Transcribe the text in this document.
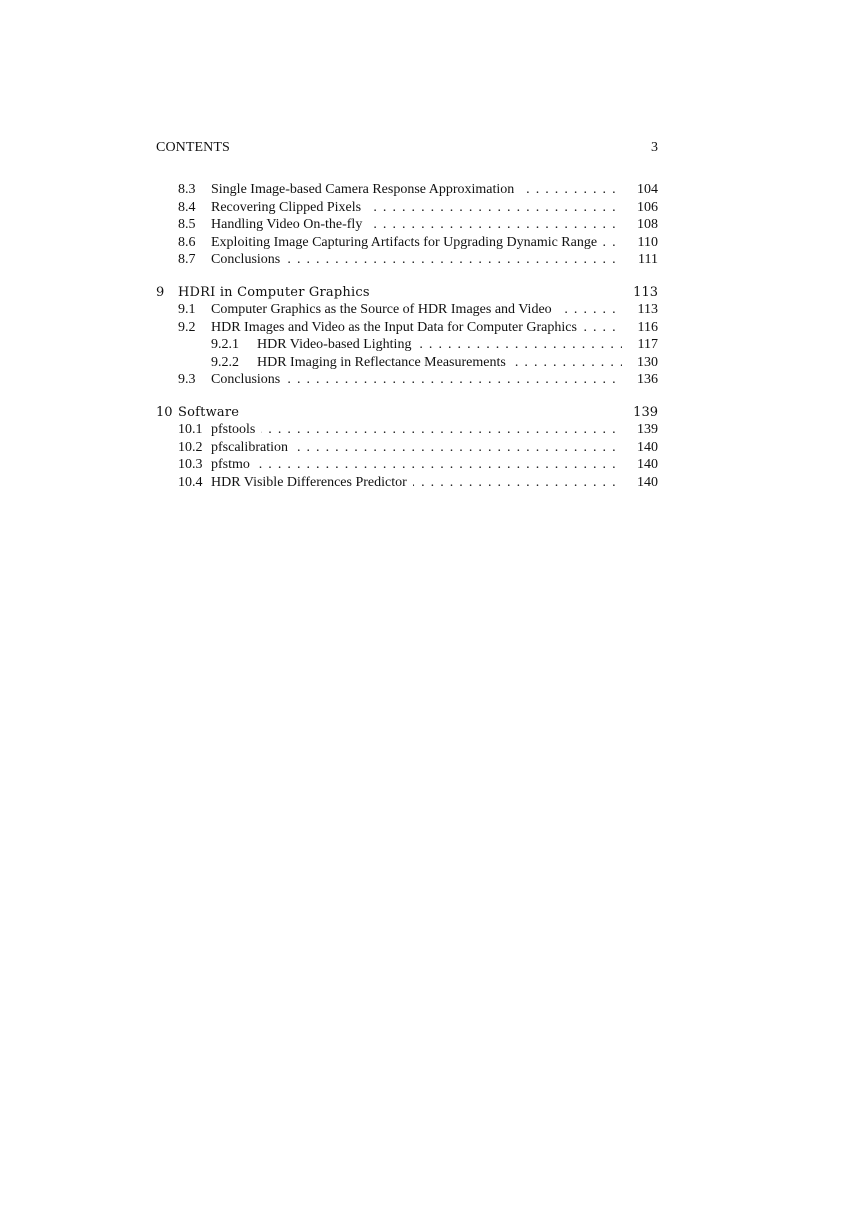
CONTENTS	3
8.3 . . . Single Image-based Camera Response Approximation	104
8.4 . . . Recovering Clipped Pixels	106
8.5 . . . Handling Video On-the-fly	108
8.6 . . . Exploiting Image Capturing Artifacts for Upgrading Dynamic Range	110
8.7 . . . Conclusions	111
9 HDRI in Computer Graphics	113
9.1 . . . Computer Graphics as the Source of HDR Images and Video	113
9.2 . . . HDR Images and Video as the Input Data for Computer Graphics	116
9.2.1 . . . HDR Video-based Lighting	117
9.2.2 . . . HDR Imaging in Reflectance Measurements	130
9.3 . . . Conclusions	136
10 Software	139
10.1 . . . pfstools	139
10.2 . . . pfscalibration	140
10.3 . . . pfstmo	140
10.4 . . . HDR Visible Differences Predictor	140
